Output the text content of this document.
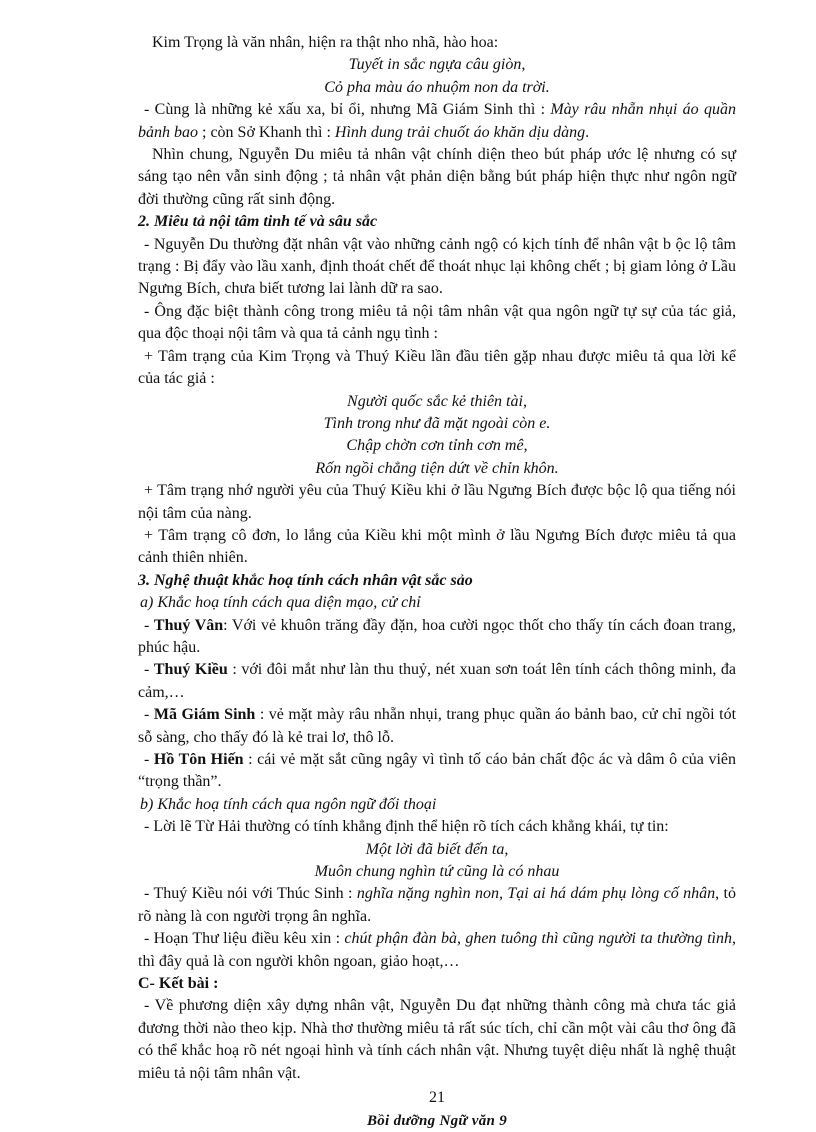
Kim Trọng là văn nhân, hiện ra thật nho nhã, hào hoa:

Tuyết in sắc ngựa câu giòn,

Cỏ pha màu áo nhuộm non da trời.

- Cùng là những kẻ xấu xa, bỉ ổi, nhưng Mã Giám Sinh thì : Mày râu nhẵn nhụi áo quần bảnh bao ; còn Sở Khanh thì : Hình dung trải chuốt áo khăn dịu dàng.

Nhìn chung, Nguyễn Du miêu tả nhân vật chính diện theo bút pháp ước lệ nhưng có sự sáng tạo nên vẫn sinh động ; tả nhân vật phản diện bằng bút pháp hiện thực như ngôn ngữ đời thường cũng rất sinh động.

2. Miêu tả nội tâm tinh tế và sâu sắc

- Nguyễn Du thường đặt nhân vật vào những cảnh ngộ có kịch tính để nhân vật b ộc lộ tâm trạng : Bị đẩy vào lầu xanh, định thoát chết để thoát nhục lại không chết ; bị giam lỏng ở Lầu Ngưng Bích, chưa biết tương lai lành dữ ra sao.

- Ông đặc biệt thành công trong miêu tả nội tâm nhân vật qua ngôn ngữ tự sự của tác giả, qua độc thoại nội tâm và qua tả cảnh ngụ tình :

+ Tâm trạng của Kim Trọng và Thuý Kiều lần đầu tiên gặp nhau được miêu tả qua lời kể của tác giả :

Người quốc sắc kẻ thiên tài,

Tình trong như đã mặt ngoài còn e.

Chập chờn cơn tỉnh cơn mê,

Rốn ngồi chẳng tiện dứt về chỉn khôn.

+ Tâm trạng nhớ người yêu của Thuý Kiều khi ở lầu Ngưng Bích được bộc lộ qua tiếng nói nội tâm của nàng.

+ Tâm trạng cô đơn, lo lắng của Kiều khi một mình ở lầu Ngưng Bích được miêu tả qua cảnh thiên nhiên.

3. Nghệ thuật khắc hoạ tính cách nhân vật sắc sảo

a) Khắc hoạ tính cách qua diện mạo, cử chỉ

- Thuý Vân: Với vẻ khuôn trăng đầy đặn, hoa cười ngọc thốt cho thấy tín cách đoan trang, phúc hậu.

- Thuý Kiều : với đôi mắt như làn thu thuỷ, nét xuan sơn toát lên tính cách thông minh, đa cảm,…

- Mã Giám Sinh : vẻ mặt mày râu nhẵn nhụi, trang phục quần áo bảnh bao, cử chỉ ngồi tót sỗ sàng, cho thấy đó là kẻ trai lơ, thô lỗ.

- Hồ Tôn Hiến : cái vẻ mặt sắt cũng ngây vì tình tố cáo bản chất độc ác và dâm ô của viên “trọng thần”.

b) Khắc hoạ tính cách qua ngôn ngữ đối thoại

- Lời lẽ Từ Hải thường có tính khẳng định thể hiện rõ tích cách khẳng khái, tự tin:

Một lời đã biết đến ta,

Muôn chung nghìn tứ cũng là có nhau

- Thuý Kiều nói với Thúc Sinh : nghĩa nặng nghìn non, Tại ai há dám phụ lòng cố nhân, tỏ rõ nàng là con người trọng ân nghĩa.

- Hoạn Thư liệu điều kêu xin : chút phận đàn bà, ghen tuông thì cũng người ta thường tình, thì đây quả là con người khôn ngoan, giảo hoạt,…

C- Kết bài :

- Về phương diện xây dựng nhân vật, Nguyễn Du đạt những thành công mà chưa tác giả đương thời nào theo kịp. Nhà thơ thường miêu tả rất súc tích, chỉ cần một vài câu thơ ông đã có thể khắc hoạ rõ nét ngoại hình và tính cách nhân vật. Nhưng tuyệt diệu nhất là nghệ thuật miêu tả nội tâm nhân vật.

21

Bồi dưỡng Ngữ văn 9
